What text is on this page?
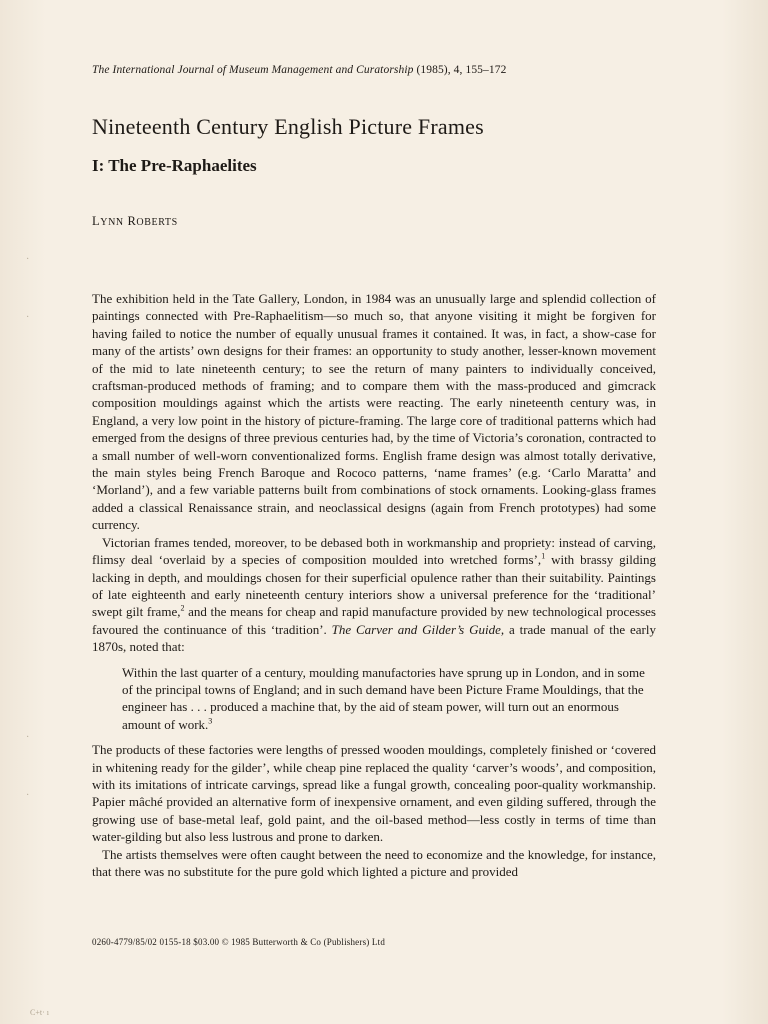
The International Journal of Museum Management and Curatorship (1985), 4, 155–172
Nineteenth Century English Picture Frames
I: The Pre-Raphaelites
LYNN ROBERTS

The exhibition held in the Tate Gallery, London, in 1984 was an unusually large and splendid collection of paintings connected with Pre-Raphaelitism—so much so, that anyone visiting it might be forgiven for having failed to notice the number of equally unusual frames it contained. It was, in fact, a show-case for many of the artists’ own designs for their frames: an opportunity to study another, lesser-known movement of the mid to late nineteenth century; to see the return of many painters to individually conceived, craftsman-produced methods of framing; and to compare them with the mass-produced and gimcrack composition mouldings against which the artists were reacting. The early nineteenth century was, in England, a very low point in the history of picture-framing. The large core of traditional patterns which had emerged from the designs of three previous centuries had, by the time of Victoria’s coronation, contracted to a small number of well-worn conventionalized forms. English frame design was almost totally derivative, the main styles being French Baroque and Rococo patterns, ‘name frames’ (e.g. ‘Carlo Maratta’ and ‘Morland’), and a few variable patterns built from combinations of stock ornaments. Looking-glass frames added a classical Renaissance strain, and neoclassical designs (again from French prototypes) had some currency.

Victorian frames tended, moreover, to be debased both in workmanship and propriety: instead of carving, flimsy deal ‘overlaid by a species of composition moulded into wretched forms’,$^1$ with brassy gilding lacking in depth, and mouldings chosen for their superficial opulence rather than their suitability. Paintings of late eighteenth and early nineteenth century interiors show a universal preference for the ‘traditional’ swept gilt frame,$^2$ and the means for cheap and rapid manufacture provided by new technological processes favoured the continuance of this ‘tradition’. The Carver and Gilder’s Guide, a trade manual of the early 1870s, noted that:

Within the last quarter of a century, moulding manufactories have sprung up in London, and in some of the principal towns of England; and in such demand have been Picture Frame Mouldings, that the engineer has . . . produced a machine that, by the aid of steam power, will turn out an enormous amount of work.$^3$

The products of these factories were lengths of pressed wooden mouldings, completely finished or ‘covered in whitening ready for the gilder’, while cheap pine replaced the quality ‘carver’s woods’, and composition, with its imitations of intricate carvings, spread like a fungal growth, concealing poor-quality workmanship. Papier mâché provided an alternative form of inexpensive ornament, and even gilding suffered, through the growing use of base-metal leaf, gold paint, and the oil-based method—less costly in terms of time than water-gilding but also less lustrous and prone to darken.

The artists themselves were often caught between the need to economize and the knowledge, for instance, that there was no substitute for the pure gold which lighted a picture and provided

0260-4779/85/02 0155-18 $03.00 © 1985 Butterworth & Co (Publishers) Ltd
·
·
·
·
C+t· ı
